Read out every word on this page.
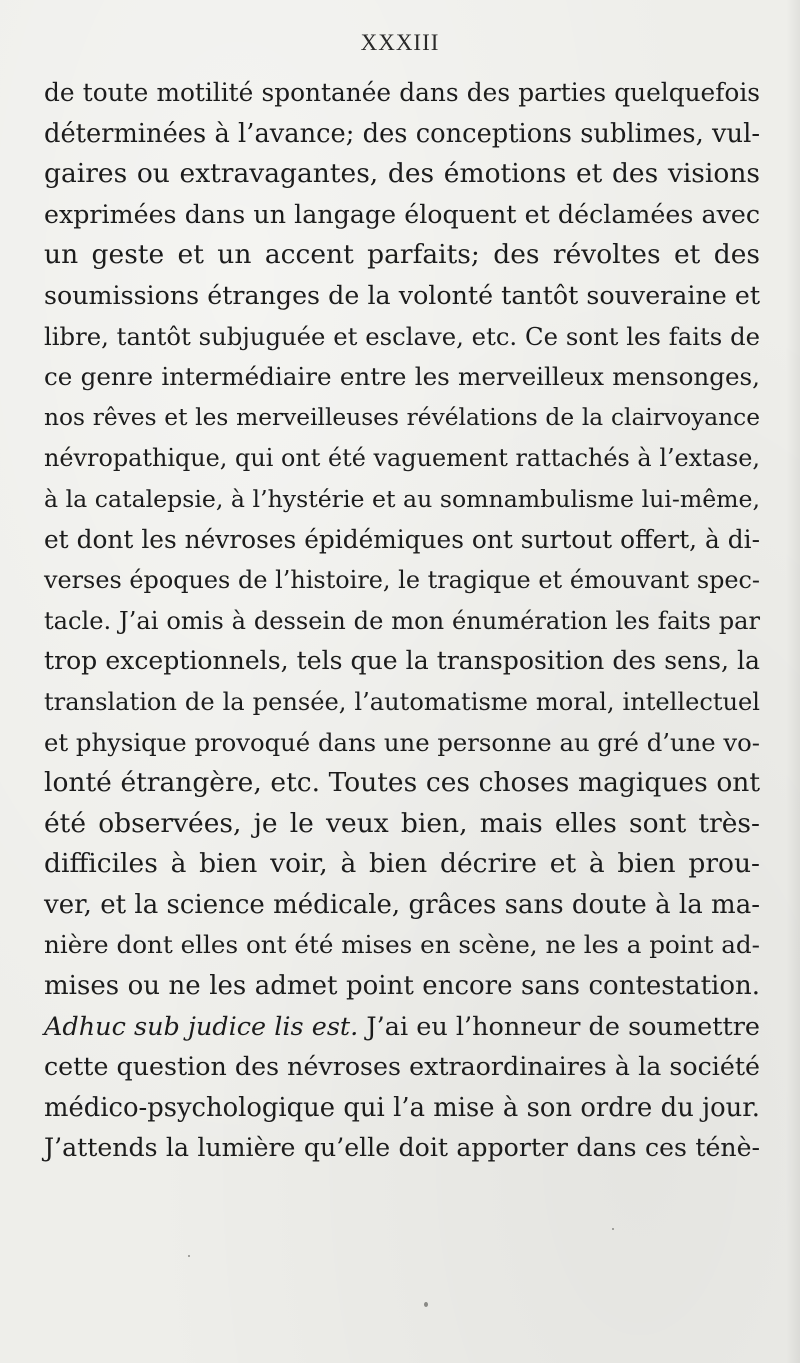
XXXIII
de toute motilité spontanée dans des parties quelquefois
déterminées à l’avance; des conceptions sublimes, vul-
gaires ou extravagantes, des émotions et des visions
exprimées dans un langage éloquent et déclamées avec
un geste et un accent parfaits; des révoltes et des
soumissions étranges de la volonté tantôt souveraine et
libre, tantôt subjuguée et esclave, etc. Ce sont les faits de
ce genre intermédiaire entre les merveilleux mensonges,
nos rêves et les merveilleuses révélations de la clairvoyance
névropathique, qui ont été vaguement rattachés à l’extase,
à la catalepsie, à l’hystérie et au somnambulisme lui-même,
et dont les névroses épidémiques ont surtout offert, à di-
verses époques de l’histoire, le tragique et émouvant spec-
tacle. J’ai omis à dessein de mon énumération les faits par
trop exceptionnels, tels que la transposition des sens, la
translation de la pensée, l’automatisme moral, intellectuel
et physique provoqué dans une personne au gré d’une vo-
lonté étrangère, etc. Toutes ces choses magiques ont
été observées, je le veux bien, mais elles sont très-
difficiles à bien voir, à bien décrire et à bien prou-
ver, et la science médicale, grâces sans doute à la ma-
nière dont elles ont été mises en scène, ne les a point ad-
mises ou ne les admet point encore sans contestation.
Adhuc sub judice lis est. J’ai eu l’honneur de soumettre
cette question des névroses extraordinaires à la société
médico-psychologique qui l’a mise à son ordre du jour.
J’attends la lumière qu’elle doit apporter dans ces ténè-
